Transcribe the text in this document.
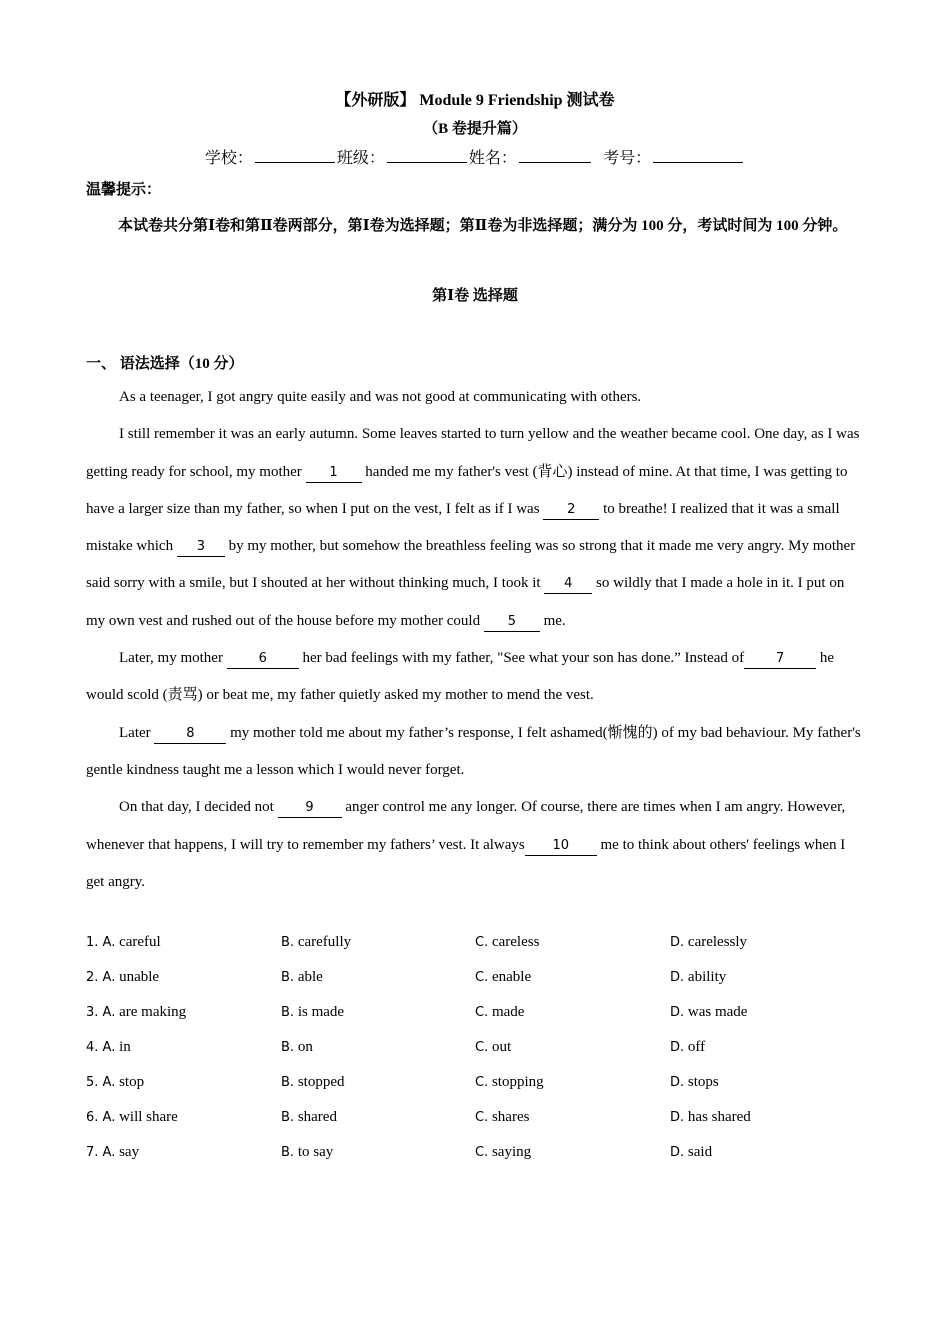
【外研版】 Module 9 Friendship 测试卷
（B 卷提升篇）
学校：	班级：	姓名：	考号：
温馨提示：
本试卷共分第Ⅰ卷和第Ⅱ卷两部分，第Ⅰ卷为选择题；第Ⅱ卷为非选择题；满分为 100 分，考试时间为 100 分钟。
第Ⅰ卷 选择题
一、 语法选择（10 分）

As a teenager, I got angry quite easily and was not good at communicating with others.

I still remember it was an early autumn. Some leaves started to turn yellow and the weather became cool. One day, as I was getting ready for school, my mother 1 handed me my father's vest (背心) instead of mine. At that time, I was getting to have a larger size than my father, so when I put on the vest, I felt as if I was 2 to breathe! I realized that it was a small mistake which 3 by my mother, but somehow the breathless feeling was so strong that it made me very angry. My mother said sorry with a smile, but I shouted at her without thinking much, I took it 4 so wildly that I made a hole in it. I put on my own vest and rushed out of the house before my mother could 5 me.

Later, my mother 6 her bad feelings with my father, "See what your son has done.” Instead of 7 he would scold (责骂) or beat me, my father quietly asked my mother to mend the vest.

Later 8 my mother told me about my father’s response, I felt ashamed(惭愧的) of my bad behaviour. My father's gentle kindness taught me a lesson which I would never forget.

On that day, I decided not 9 anger control me any longer. Of course, there are times when I am angry. However, whenever that happens, I will try to remember my fathers’ vest. It always 10 me to think about others' feelings when I get angry.

1. A. careful	B. carefully	C. careless	D. carelessly
2. A. unable	B. able	C. enable	D. ability
3. A. are making	B. is made	C. made	D. was made
4. A. in	B. on	C. out	D. off
5. A. stop	B. stopped	C. stopping	D. stops
6. A. will share	B. shared	C. shares	D. has shared
7. A. say	B. to say	C. saying	D. said
